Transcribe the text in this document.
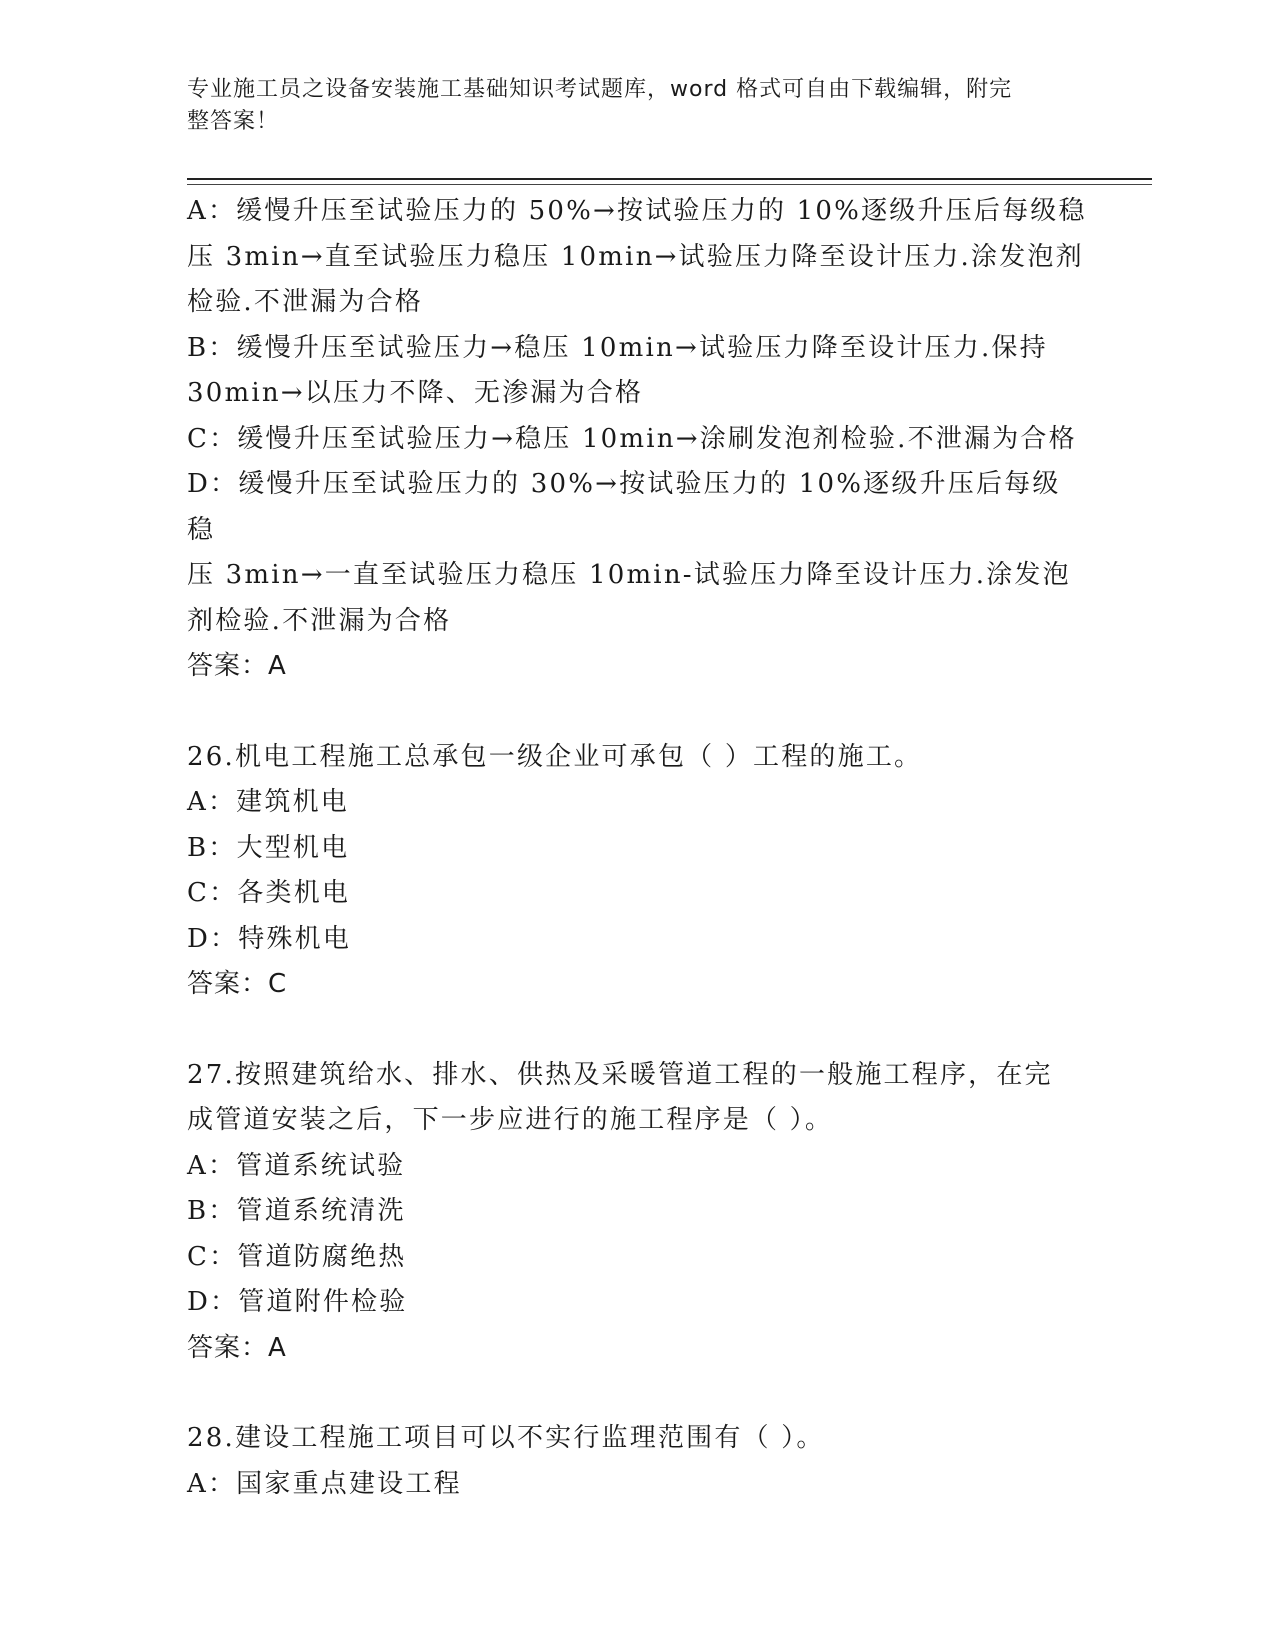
专业施工员之设备安装施工基础知识考试题库，word 格式可自由下载编辑，附完
整答案！

A：缓慢升压至试验压力的 50%→按试验压力的 10%逐级升压后每级稳

压 3min→直至试验压力稳压 10min→试验压力降至设计压力.涂发泡剂

检验.不泄漏为合格

B：缓慢升压至试验压力→稳压 10min→试验压力降至设计压力.保持

30min→以压力不降、无渗漏为合格

C：缓慢升压至试验压力→稳压 10min→涂刷发泡剂检验.不泄漏为合格

D：缓慢升压至试验压力的 30%→按试验压力的 10%逐级升压后每级稳

压 3min→一直至试验压力稳压 10min-试验压力降至设计压力.涂发泡

剂检验.不泄漏为合格

答案：A

26.机电工程施工总承包一级企业可承包（ ）工程的施工。

A：建筑机电

B：大型机电

C：各类机电

D：特殊机电

答案：C

27.按照建筑给水、排水、供热及采暖管道工程的一般施工程序，在完

成管道安装之后，下一步应进行的施工程序是（ ）。

A：管道系统试验

B：管道系统清洗

C：管道防腐绝热

D：管道附件检验

答案：A

28.建设工程施工项目可以不实行监理范围有（ ）。

A：国家重点建设工程
